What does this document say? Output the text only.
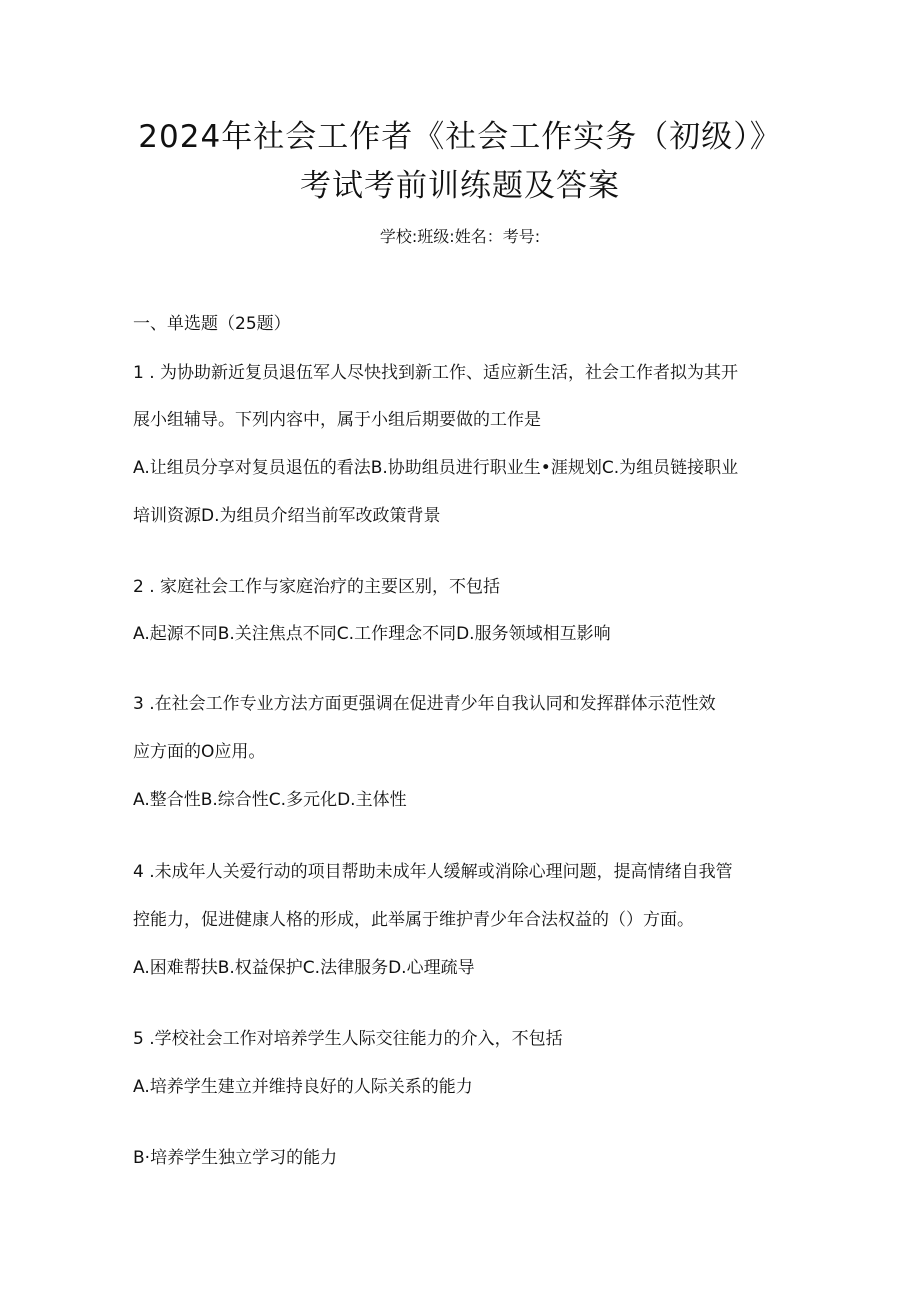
2024年社会工作者《社会工作实务（初级）》
考试考前训练题及答案
学校:班级:姓名：考号:
一、单选题（25题）
1 . 为协助新近复员退伍军人尽快找到新工作、适应新生活，社会工作者拟为其开
展小组辅导。下列内容中，属于小组后期要做的工作是
A.让组员分享对复员退伍的看法B.协助组员进行职业生•涯规划C.为组员链接职业
培训资源D.为组员介绍当前军改政策背景
2 . 家庭社会工作与家庭治疗的主要区别，不包括
A.起源不同B.关注焦点不同C.工作理念不同D.服务领域相互影响
3 .在社会工作专业方法方面更强调在促进青少年自我认同和发挥群体示范性效
应方面的O应用。
A.整合性B.综合性C.多元化D.主体性
4 .未成年人关爱行动的项目帮助未成年人缓解或消除心理问题，提高情绪自我管
控能力，促进健康人格的形成，此举属于维护青少年合法权益的（）方面。
A.困难帮扶B.权益保护C.法律服务D.心理疏导
5 .学校社会工作对培养学生人际交往能力的介入，不包括
A.培养学生建立并维持良好的人际关系的能力
B·培养学生独立学习的能力
